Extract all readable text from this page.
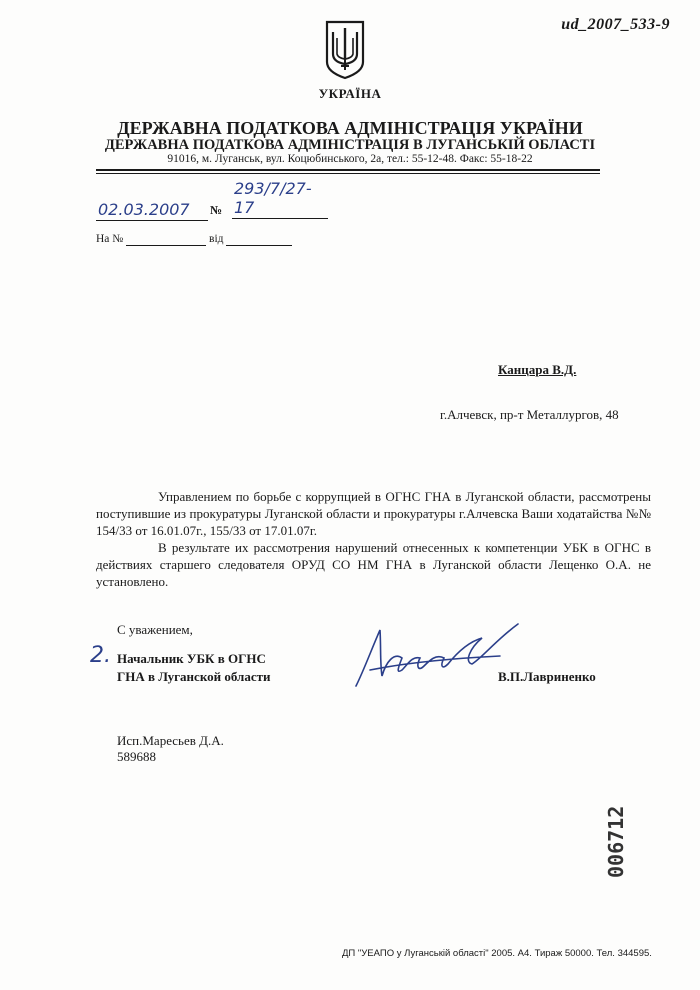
ud_2007_533-9
УКРАЇНА
ДЕРЖАВНА ПОДАТКОВА АДМІНІСТРАЦІЯ УКРАЇНИ
ДЕРЖАВНА ПОДАТКОВА АДМІНІСТРАЦІЯ В ЛУГАНСЬКІЙ ОБЛАСТІ
91016, м. Луганськ, вул. Коцюбинського, 2а, тел.: 55-12-48. Факс: 55-18-22
02.03.2007 №
293/7/27-17
На №	від
Канцара В.Д.
г.Алчевск, пр-т Металлургов, 48

Управлением по борьбе с коррупцией в ОГНС ГНА в Луганской области, рассмотрены поступившие из прокуратуры Луганской области и прокуратуры г.Алчевска Ваши ходатайства №№ 154/33 от 16.01.07г., 155/33 от 17.01.07г.

В результате их рассмотрения нарушений отнесенных к компетенции УБК в ОГНС в действиях старшего следователя ОРУД СО НМ ГНА в Луганской области Лещенко О.А. не установлено.

С уважением,
2. Начальник УБК в ОГНС
ГНА в Луганской области	В.П.Лавриненко
Исп.Маресьев Д.А.
589688
006712
ДП "УЕАПО у Луганській області" 2005. А4. Тираж 50000. Тел. 344595.
